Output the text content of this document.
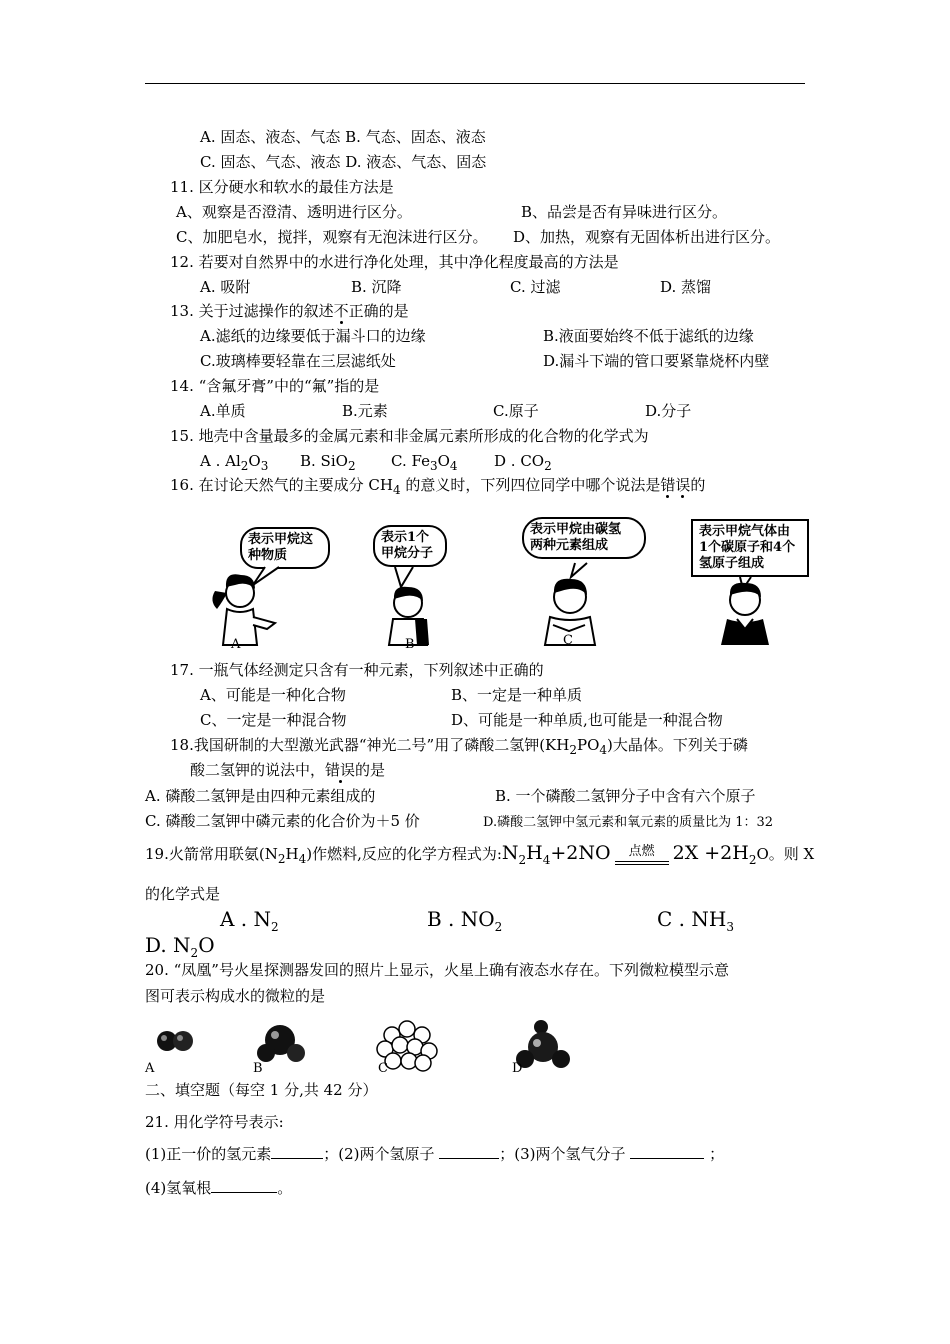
A. 固态、液态、气态 B. 气态、固态、液态
C. 固态、气态、液态 D. 液态、气态、固态
11. 区分硬水和软水的最佳方法是
A、观察是否澄清、透明进行区分。	B、品尝是否有异味进行区分。
C、加肥皂水，搅拌，观察有无泡沫进行区分。 D、加热，观察有无固体析出进行区分。
12. 若要对自然界中的水进行净化处理，其中净化程度最高的方法是
A. 吸附	B. 沉降	C. 过滤	D. 蒸馏
13. 关于过滤操作的叙述不正确的是
A.滤纸的边缘要低于漏斗口的边缘	B.液面要始终不低于滤纸的边缘
C.玻璃棒要轻靠在三层滤纸处	D.漏斗下端的管口要紧靠烧杯内壁
14. “含氟牙膏”中的“氟”指的是
A.单质	B.元素	C.原子	D.分子
15. 地壳中含量最多的金属元素和非金属元素所形成的化合物的化学式为
A . $Al_2O_3$ B. SiO$_2$ C. $Fe_3O_4$ D . $CO_2$
16. 在讨论天然气的主要成分 $CH_4$ 的意义时，下列四位同学中哪个说法是错误的
表示甲烷这
种物质
表示1个
甲烷分子
表示甲烷由碳氢
两种元素组成
表示甲烷气体由
1个碳原子和4个
氢原子组成
A	B	C
17. 一瓶气体经测定只含有一种元素，下列叙述中正确的
A、可能是一种化合物	B、一定是一种单质
C、一定是一种混合物	D、可能是一种单质,也可能是一种混合物
18.我国研制的大型激光武器“神光二号”用了磷酸二氢钾$(KH_2PO_4)$大晶体。下列关于磷
酸二氢钾的说法中，错误的是
A. 磷酸二氢钾是由四种元素组成的	B. 一个磷酸二氢钾分子中含有六个原子
C. 磷酸二氢钾中磷元素的化合价为＋5 价	D.磷酸二氢钾中氢元素和氧元素的质量比为 1：32
19.火箭常用联氨$(N_2H_4)$作燃料,反应的化学方程式为$:N_2H_4+2NO$	点燃 $2X +2H_2O$。则 X
的化学式是
A . $N_2$	B . $NO_2$	C . $NH_3$
D. $N_2O$
20. “凤凰”号火星探测器发回的照片上显示，火星上确有液态水存在。下列微粒模型示意
图可表示构成水的微粒的是
A	B	C	D
二、填空题（每空 1 分,共 42 分）
21. 用化学符号表示:
(1)正一价的氢元素	；(2)两个氢原子	；(3)两个氢气分子	；
(4)氢氧根	。
